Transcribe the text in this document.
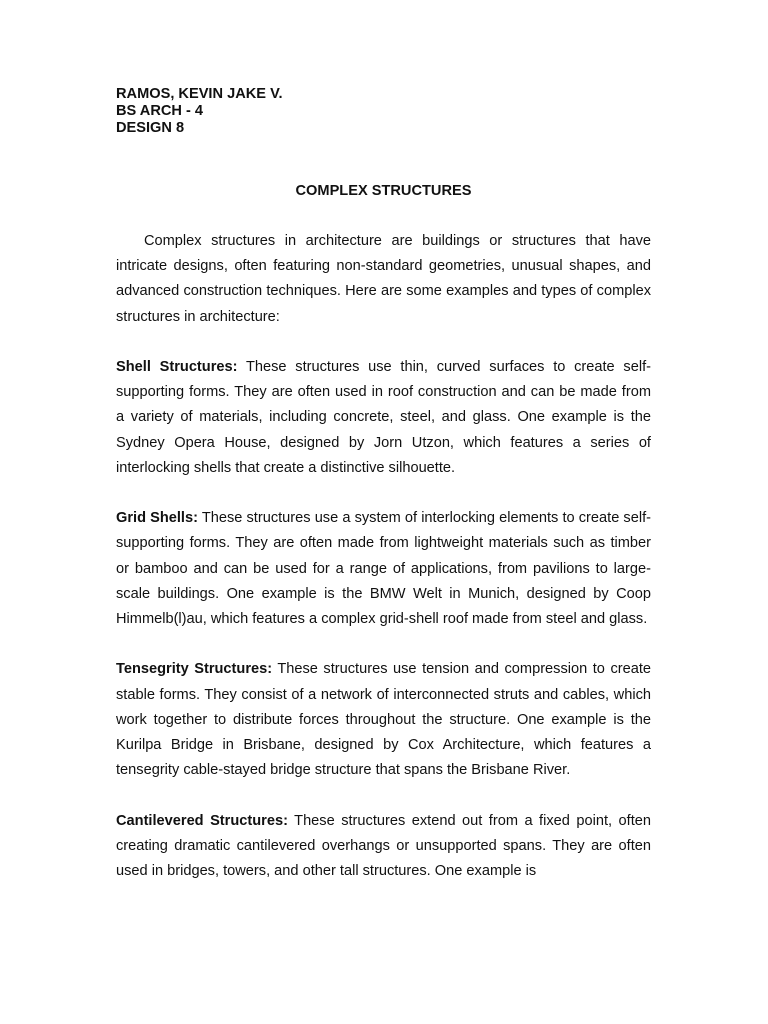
RAMOS, KEVIN JAKE V.
BS ARCH - 4
DESIGN 8
COMPLEX STRUCTURES

Complex structures in architecture are buildings or structures that have intricate designs, often featuring non-standard geometries, unusual shapes, and advanced construction techniques. Here are some examples and types of complex structures in architecture:

Shell Structures: These structures use thin, curved surfaces to create self-supporting forms. They are often used in roof construction and can be made from a variety of materials, including concrete, steel, and glass. One example is the Sydney Opera House, designed by Jorn Utzon, which features a series of interlocking shells that create a distinctive silhouette.

Grid Shells: These structures use a system of interlocking elements to create self-supporting forms. They are often made from lightweight materials such as timber or bamboo and can be used for a range of applications, from pavilions to large-scale buildings. One example is the BMW Welt in Munich, designed by Coop Himmelb(l)au, which features a complex grid-shell roof made from steel and glass.

Tensegrity Structures: These structures use tension and compression to create stable forms. They consist of a network of interconnected struts and cables, which work together to distribute forces throughout the structure. One example is the Kurilpa Bridge in Brisbane, designed by Cox Architecture, which features a tensegrity cable-stayed bridge structure that spans the Brisbane River.

Cantilevered Structures: These structures extend out from a fixed point, often creating dramatic cantilevered overhangs or unsupported spans. They are often used in bridges, towers, and other tall structures. One example is
